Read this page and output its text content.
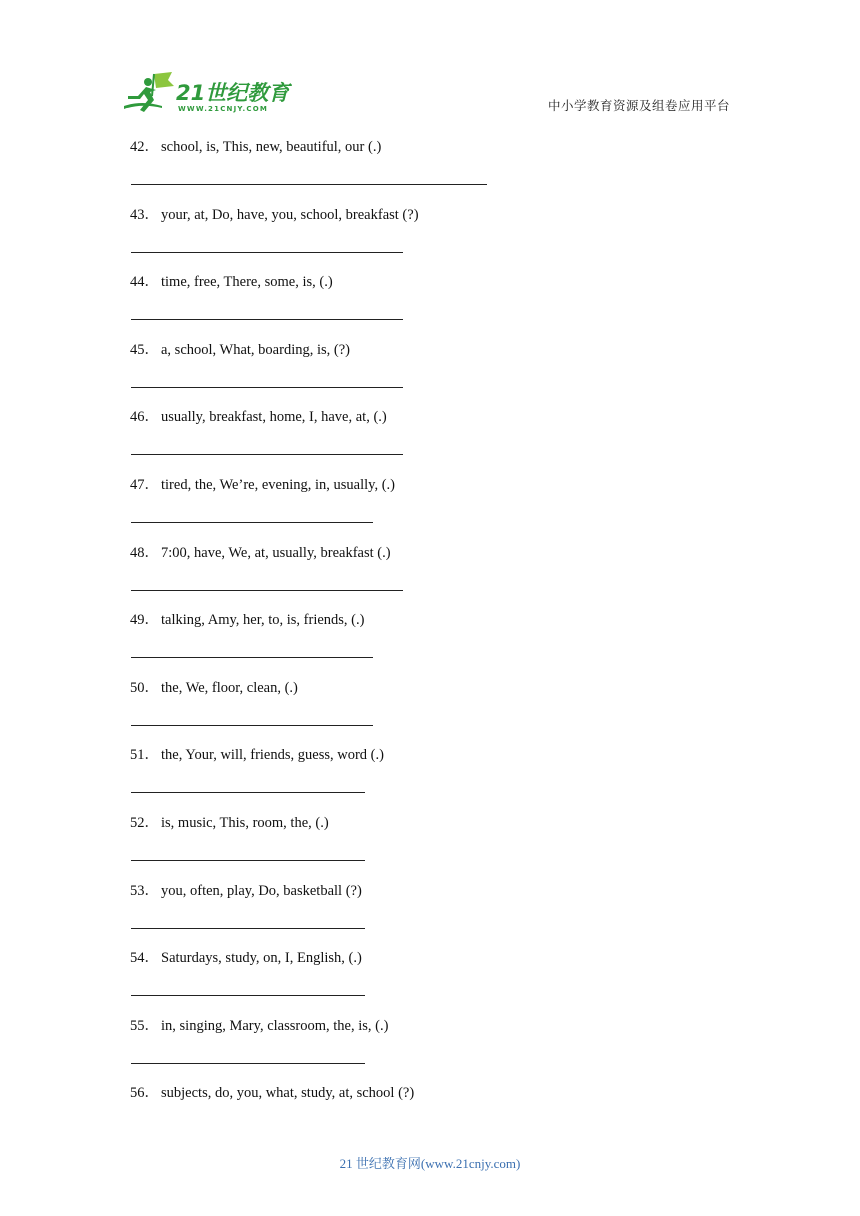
21世纪教育
WWW.21CNJY.COM	中小学教育资源及组卷应用平台
42． school, is, This, new, beautiful, our (.)
43． your, at, Do, have, you, school, breakfast (?)
44． time, free, There, some, is, (.)
45． a, school, What, boarding, is, (?)
46． usually, breakfast, home, I, have, at, (.)
47． tired, the, We’re, evening, in, usually, (.)
48． 7:00, have, We, at, usually, breakfast (.)
49． talking, Amy, her, to, is, friends, (.)
50． the, We, floor, clean, (.)
51． the, Your, will, friends, guess, word (.)
52． is, music, This, room, the, (.)
53． you, often, play, Do, basketball (?)
54． Saturdays, study, on, I, English, (.)
55． in, singing, Mary, classroom, the, is, (.)
56． subjects, do, you, what, study, at, school (?)
21 世纪教育网(www.21cnjy.com)
